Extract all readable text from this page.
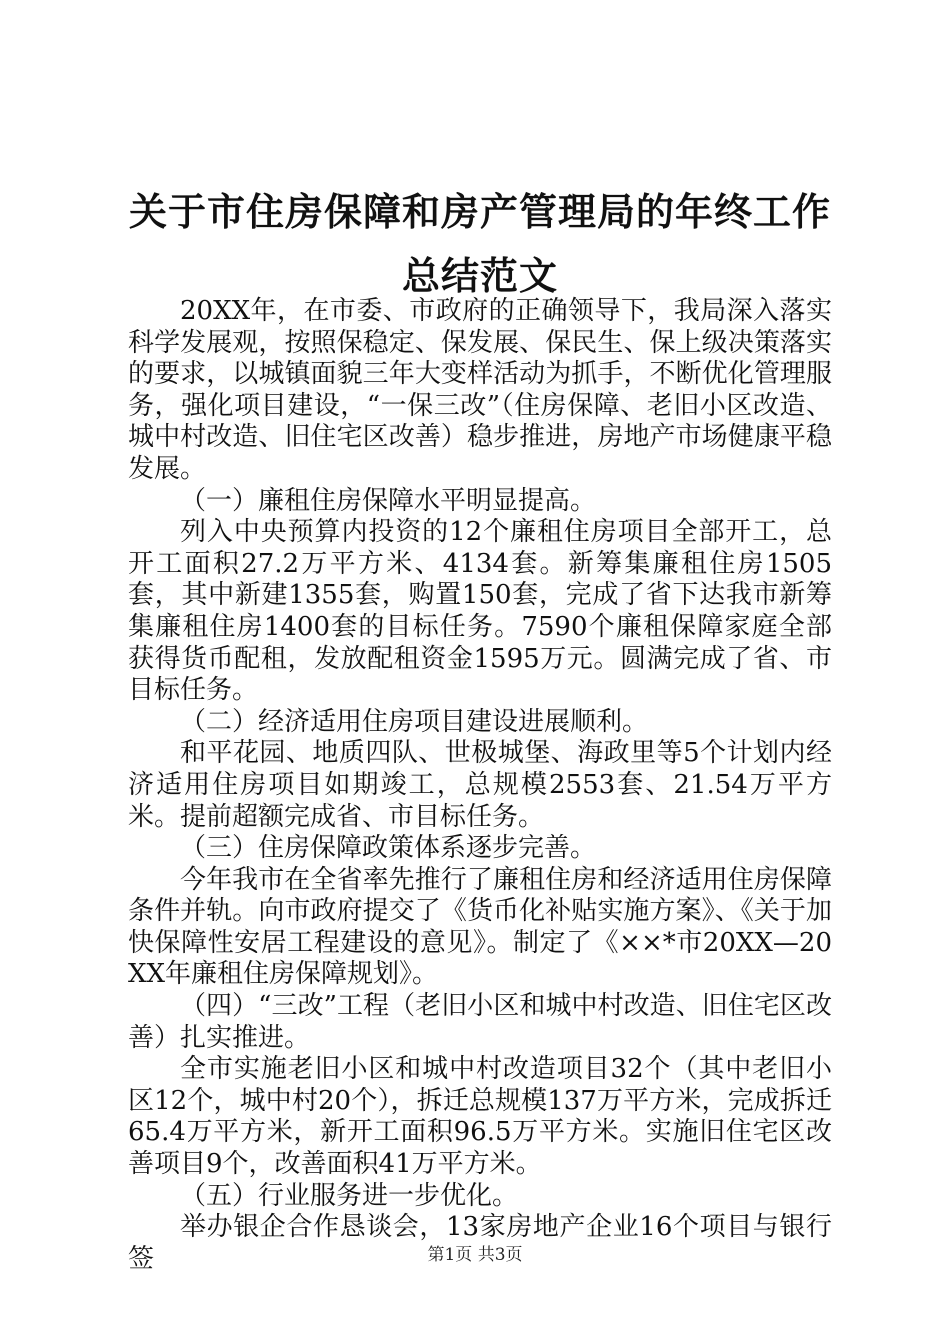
关于市住房保障和房产管理局的年终工作总结范文

20XX年，在市委、市政府的正确领导下，我局深入落实科学发展观，按照保稳定、保发展、保民生、保上级决策落实的要求，以城镇面貌三年大变样活动为抓手，不断优化管理服务，强化项目建设，“一保三改”（住房保障、老旧小区改造、城中村改造、旧住宅区改善）稳步推进，房地产市场健康平稳发展。

（一）廉租住房保障水平明显提高。

列入中央预算内投资的12个廉租住房项目全部开工，总开工面积27.2万平方米、4134套。新筹集廉租住房1505套，其中新建1355套，购置150套，完成了省下达我市新筹集廉租住房1400套的目标任务。7590个廉租保障家庭全部获得货币配租，发放配租资金1595万元。圆满完成了省、市目标任务。

（二）经济适用住房项目建设进展顺利。

和平花园、地质四队、世极城堡、海政里等5个计划内经济适用住房项目如期竣工，总规模2553套、21.54万平方米。提前超额完成省、市目标任务。

（三）住房保障政策体系逐步完善。

今年我市在全省率先推行了廉租住房和经济适用住房保障条件并轨。向市政府提交了《货币化补贴实施方案》、《关于加快保障性安居工程建设的意见》。制定了《××*市20XX—20XX年廉租住房保障规划》。

（四）“三改”工程（老旧小区和城中村改造、旧住宅区改善）扎实推进。

全市实施老旧小区和城中村改造项目32个（其中老旧小区12个，城中村20个），拆迁总规模137万平方米，完成拆迁65.4万平方米，新开工面积96.5万平方米。实施旧住宅区改善项目9个，改善面积41万平方米。

（五）行业服务进一步优化。

举办银企合作恳谈会，13家房地产企业16个项目与银行签	第1页 共3页
